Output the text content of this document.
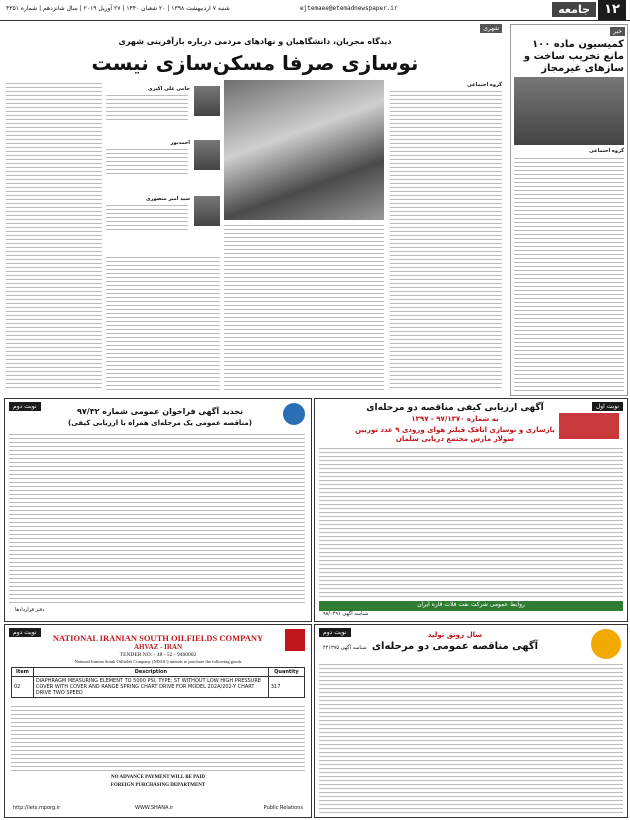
۱۲
جامعه
ejtemaee@etemadnewspaper.ir
شنبه ۷ اردیبهشت ۱۳۹۸ | ۲۰ شعبان ۱۴۴۰ | ۲۷ آوریل ۲۰۱۹ | سال شانزدهم | شماره ۴۳۵۱
خبر
کمیسیون ماده ۱۰۰ مانع تخریب ساخت و سازهای غیرمجاز
گروه اجتماعی
شهری
دیدگاه مجریان، دانشگاهیان و نهادهای مردمی درباره بازآفرینی شهری
نوسازی صرفا مسکن‌سازی نیست
گروه اجتماعی
حامی علی اکبری
احمدپور
سید امیر منصوری
نوبت اول
آگهی ارزیابی کیفی مناقصه دو مرحله‌ای
به شماره ۹۷/۱۳۷۰ - ۱۳۹۷
بازسازی و نوسازی اتاقک فیلتر هوای ورودی ۹ عدد توربین سولار مارس مجتمع دریایی سلمان
روابط عمومی شرکت نفت فلات قاره ایران
شناسه آگهی ۹۸/۰۴۹۱
نوبت دوم
تجدید آگهی فراخوان عمومی شماره ۹۷/۳۲
(مناقصه عمومی یک مرحله‌ای همراه با ارزیابی کیفی)
دفتر قراردادها
نوبت دوم
NATIONAL IRANIAN SOUTH OILFIELDS COMPANY
AHVAZ - IRAN
TENDER NO: - 48 - 52 - 9460002
National Iranian South Oilfields Company (NISOC) intends to purchase the following goods
Item	Description	Quantity
02	DIAPHRAGM MEASURING ELEMENT TO 5000 PSI, TYPE: ST WITHOUT LOW HIGH PRESSURE COVER WITH COVER AND RANGE SPRING CHART DRIVE FOR MODEL 202A/202-Y CHART DRIVE TWO SPEED	317
NO ADVANCE PAYMENT WILL BE PAID
FOREIGN PURCHASING DEPARTMENT
http://iets.mporg.ir	WWW.SHANA.ir	Public Relations
نوبت دوم	سال رونق تولید
آگهی مناقصه عمومی دو مرحله‌ای
شناسه آگهی ۴۴۱۳۷۵
